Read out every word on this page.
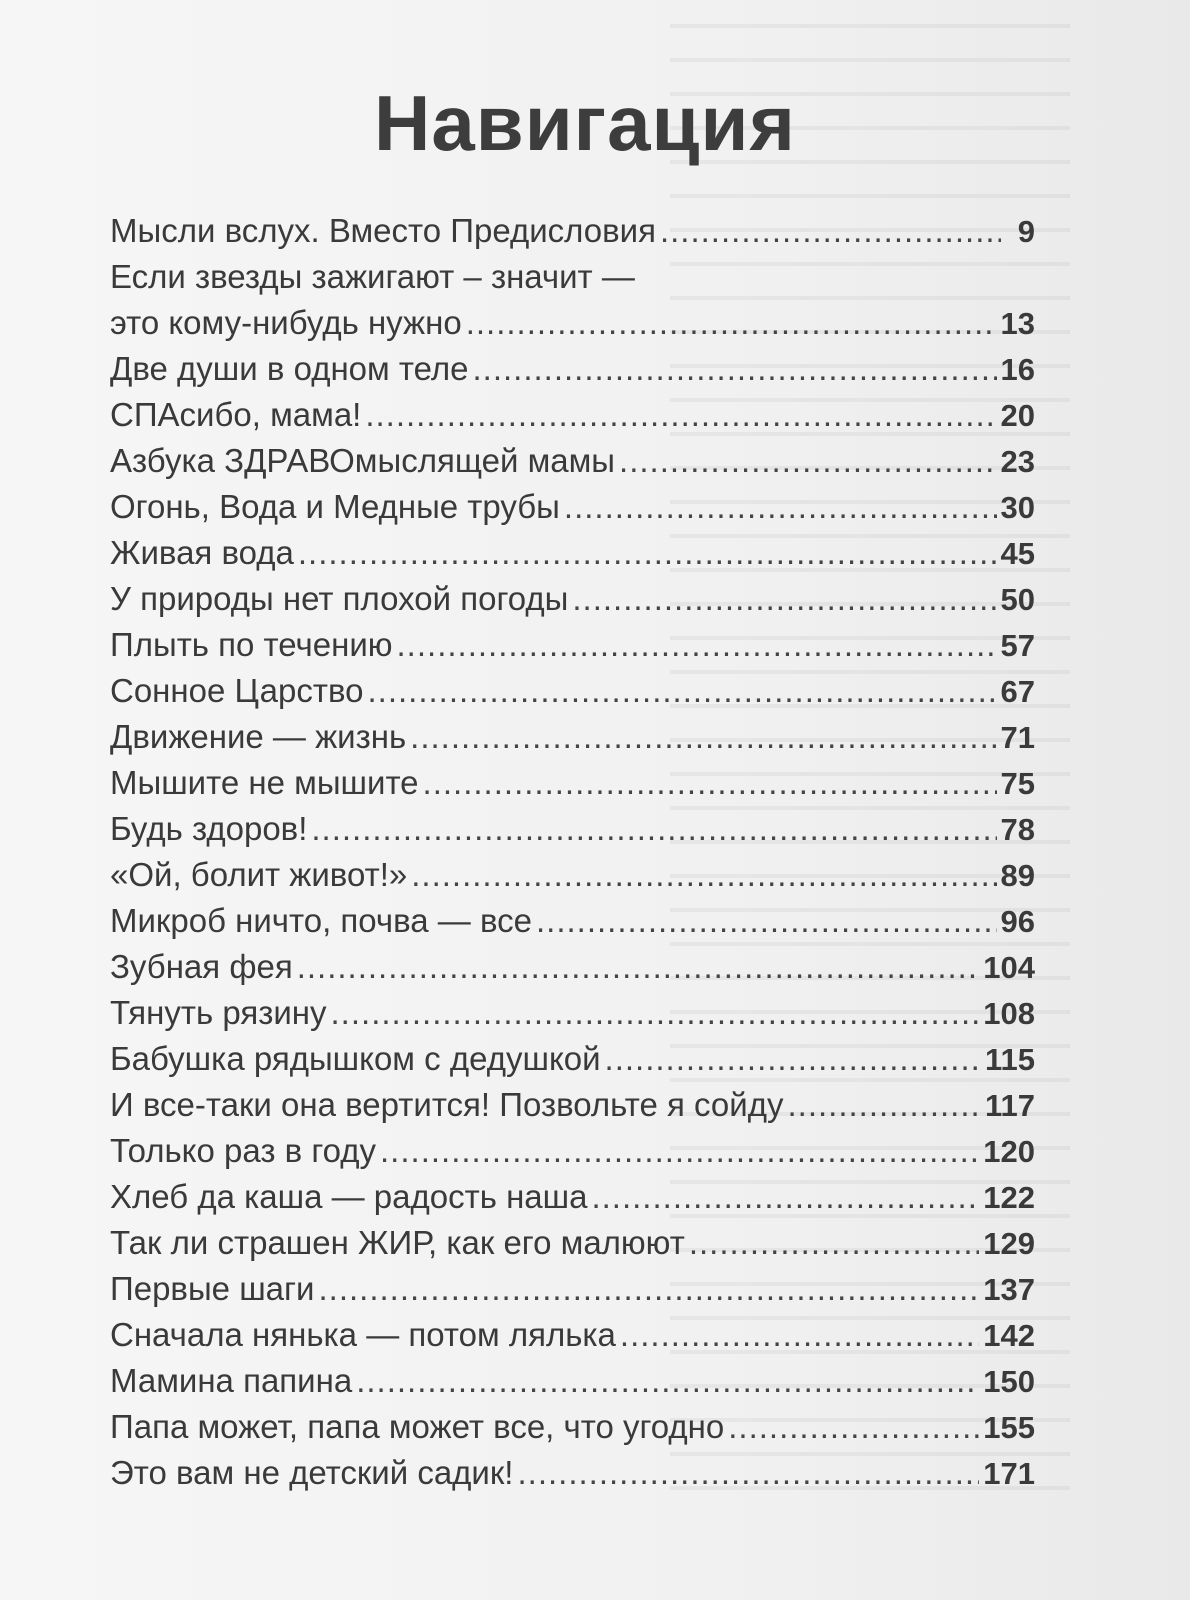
Навигация
Мысли вслух. Вместо Предисловия .....	9
Если звезды зажигают – значит —
это кому-нибудь нужно .....	13
Две души в одном теле .....	16
СПАсибо, мама! .....	20
Азбука ЗДРАВОмыслящей мамы .....	23
Огонь, Вода и Медные трубы .....	30
Живая вода .....	45
У природы нет плохой погоды .....	50
Плыть по течению .....	57
Сонное Царство .....	67
Движение — жизнь .....	71
Мышите не мышите .....	75
Будь здоров! .....	78
«Ой, болит живот!» .....	89
Микроб ничто, почва — все .....	96
Зубная фея .....	104
Тянуть рязину .....	108
Бабушка рядышком с дедушкой .....	115
И все-таки она вертится! Позвольте я сойду .....	117
Только раз в году .....	120
Хлеб да каша — радость наша .....	122
Так ли страшен ЖИР, как его малюют .....	129
Первые шаги .....	137
Сначала нянька — потом лялька .....	142
Мамина папина .....	150
Папа может, папа может все, что угодно .....	155
Это вам не детский садик! .....	171
